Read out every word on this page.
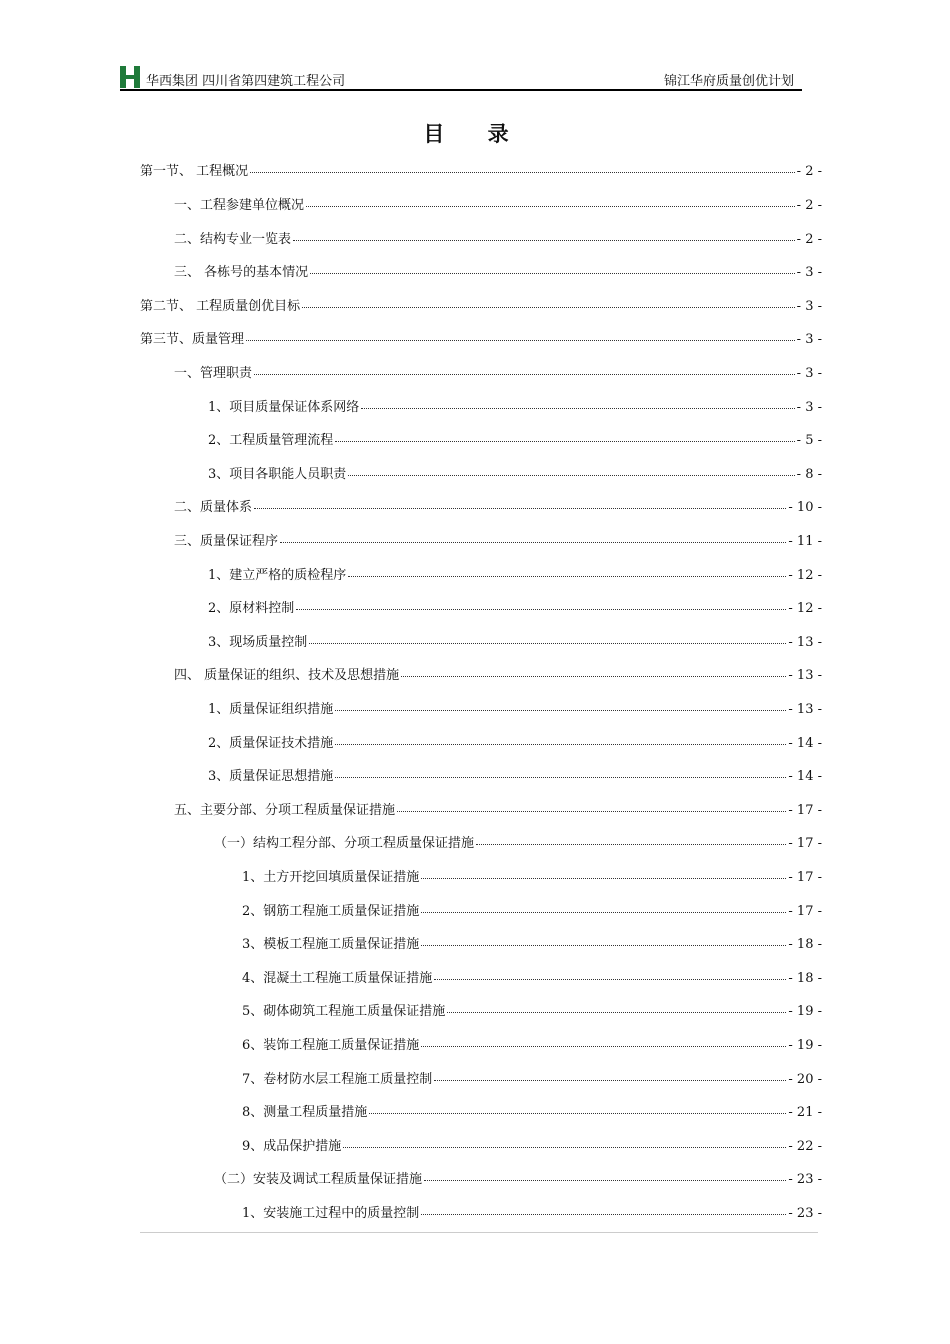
华西集团 四川省第四建筑工程公司	锦江华府质量创优计划
目 录
第一节、 工程概况	- 2 -
一、工程参建单位概况	- 2 -
二、结构专业一览表	- 2 -
三、 各栋号的基本情况	- 3 -
第二节、 工程质量创优目标	- 3 -
第三节、质量管理	- 3 -
一、管理职责	- 3 -
1、项目质量保证体系网络	- 3 -
2、工程质量管理流程	- 5 -
3、项目各职能人员职责	- 8 -
二、质量体系	- 10 -
三、质量保证程序	- 11 -
1、建立严格的质检程序	- 12 -
2、原材料控制	- 12 -
3、现场质量控制	- 13 -
四、 质量保证的组织、技术及思想措施	- 13 -
1、质量保证组织措施	- 13 -
2、质量保证技术措施	- 14 -
3、质量保证思想措施	- 14 -
五、主要分部、分项工程质量保证措施	- 17 -
（一）结构工程分部、分项工程质量保证措施	- 17 -
1、土方开挖回填质量保证措施	- 17 -
2、钢筋工程施工质量保证措施	- 17 -
3、模板工程施工质量保证措施	- 18 -
4、混凝土工程施工质量保证措施	- 18 -
5、砌体砌筑工程施工质量保证措施	- 19 -
6、装饰工程施工质量保证措施	- 19 -
7、卷材防水层工程施工质量控制	- 20 -
8、测量工程质量措施	- 21 -
9、成品保护措施	- 22 -
（二）安装及调试工程质量保证措施	- 23 -
1、安装施工过程中的质量控制	- 23 -
